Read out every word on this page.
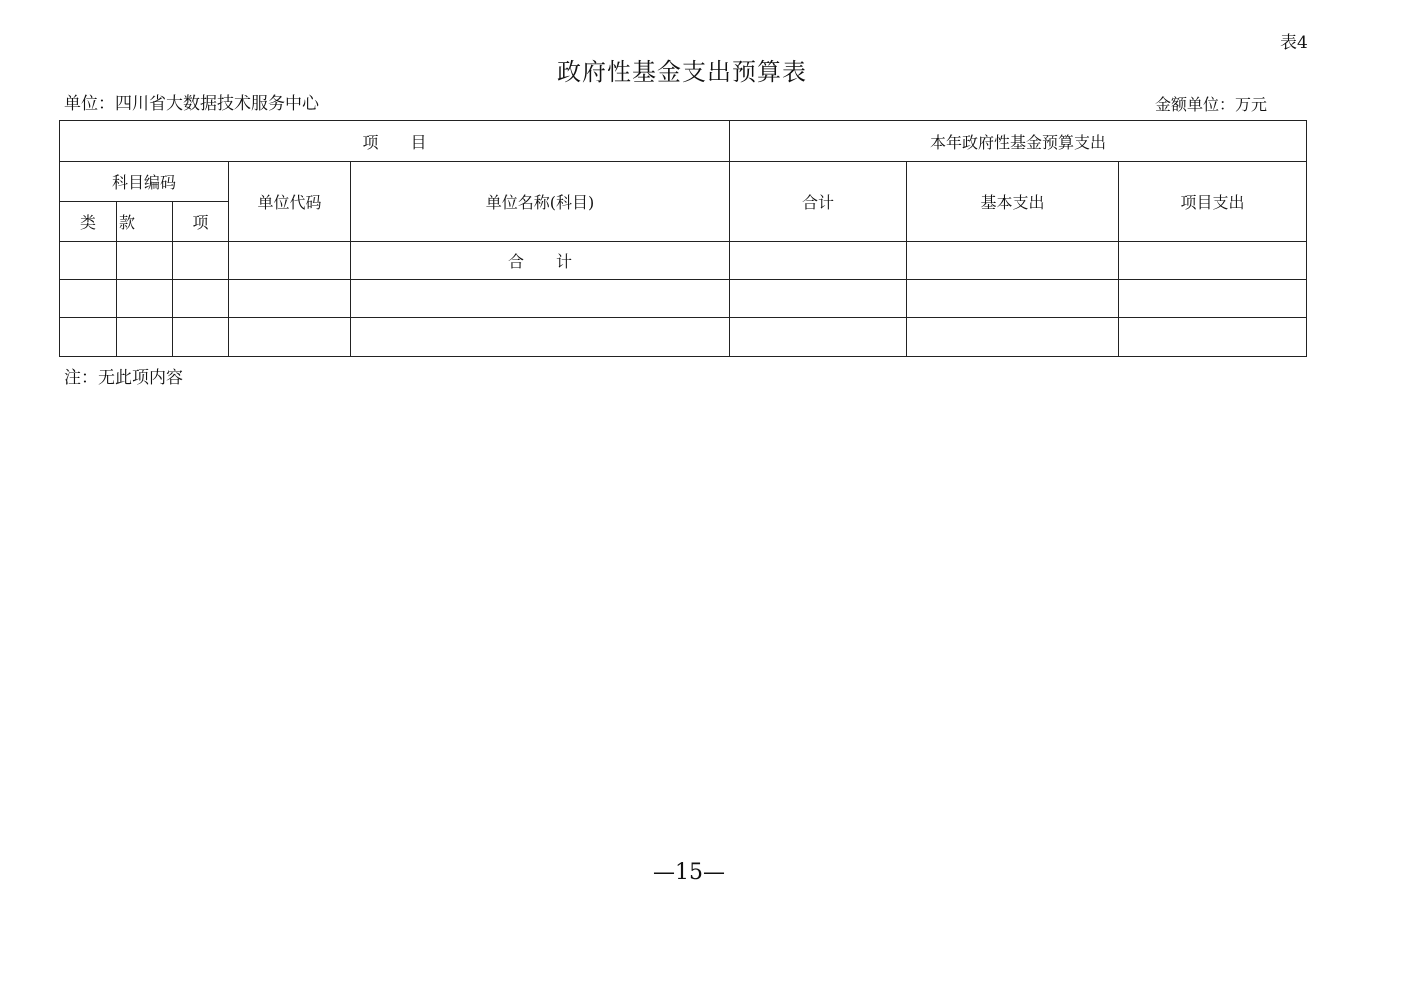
表4
政府性基金支出预算表
单位：四川省大数据技术服务中心	金额单位：万元
项　　目					本年政府性基金预算支出		
科目编码			单位代码	单位名称(科目)	合计	基本支出	项目支出
类	款	项					
				合　　计			

注：无此项内容
—15—
